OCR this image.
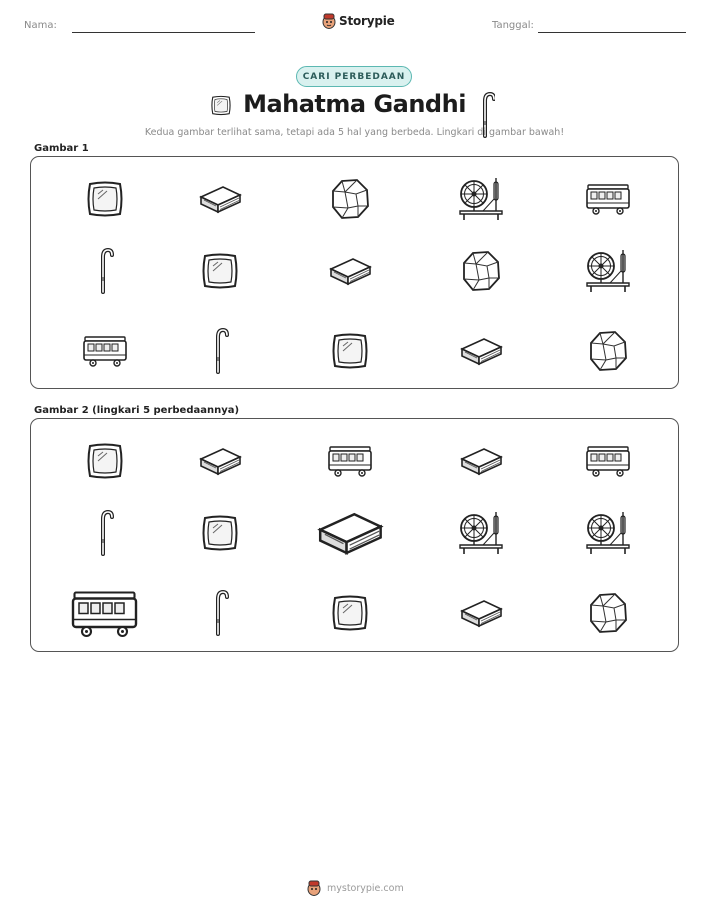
Nama:	Storypie	Tanggal:
CARI PERBEDAAN
Mahatma Gandhi
Kedua gambar terlihat sama, tetapi ada 5 hal yang berbeda. Lingkari di gambar bawah!
Gambar 1
Gambar 2 (lingkari 5 perbedaannya)
mystorypie.com
